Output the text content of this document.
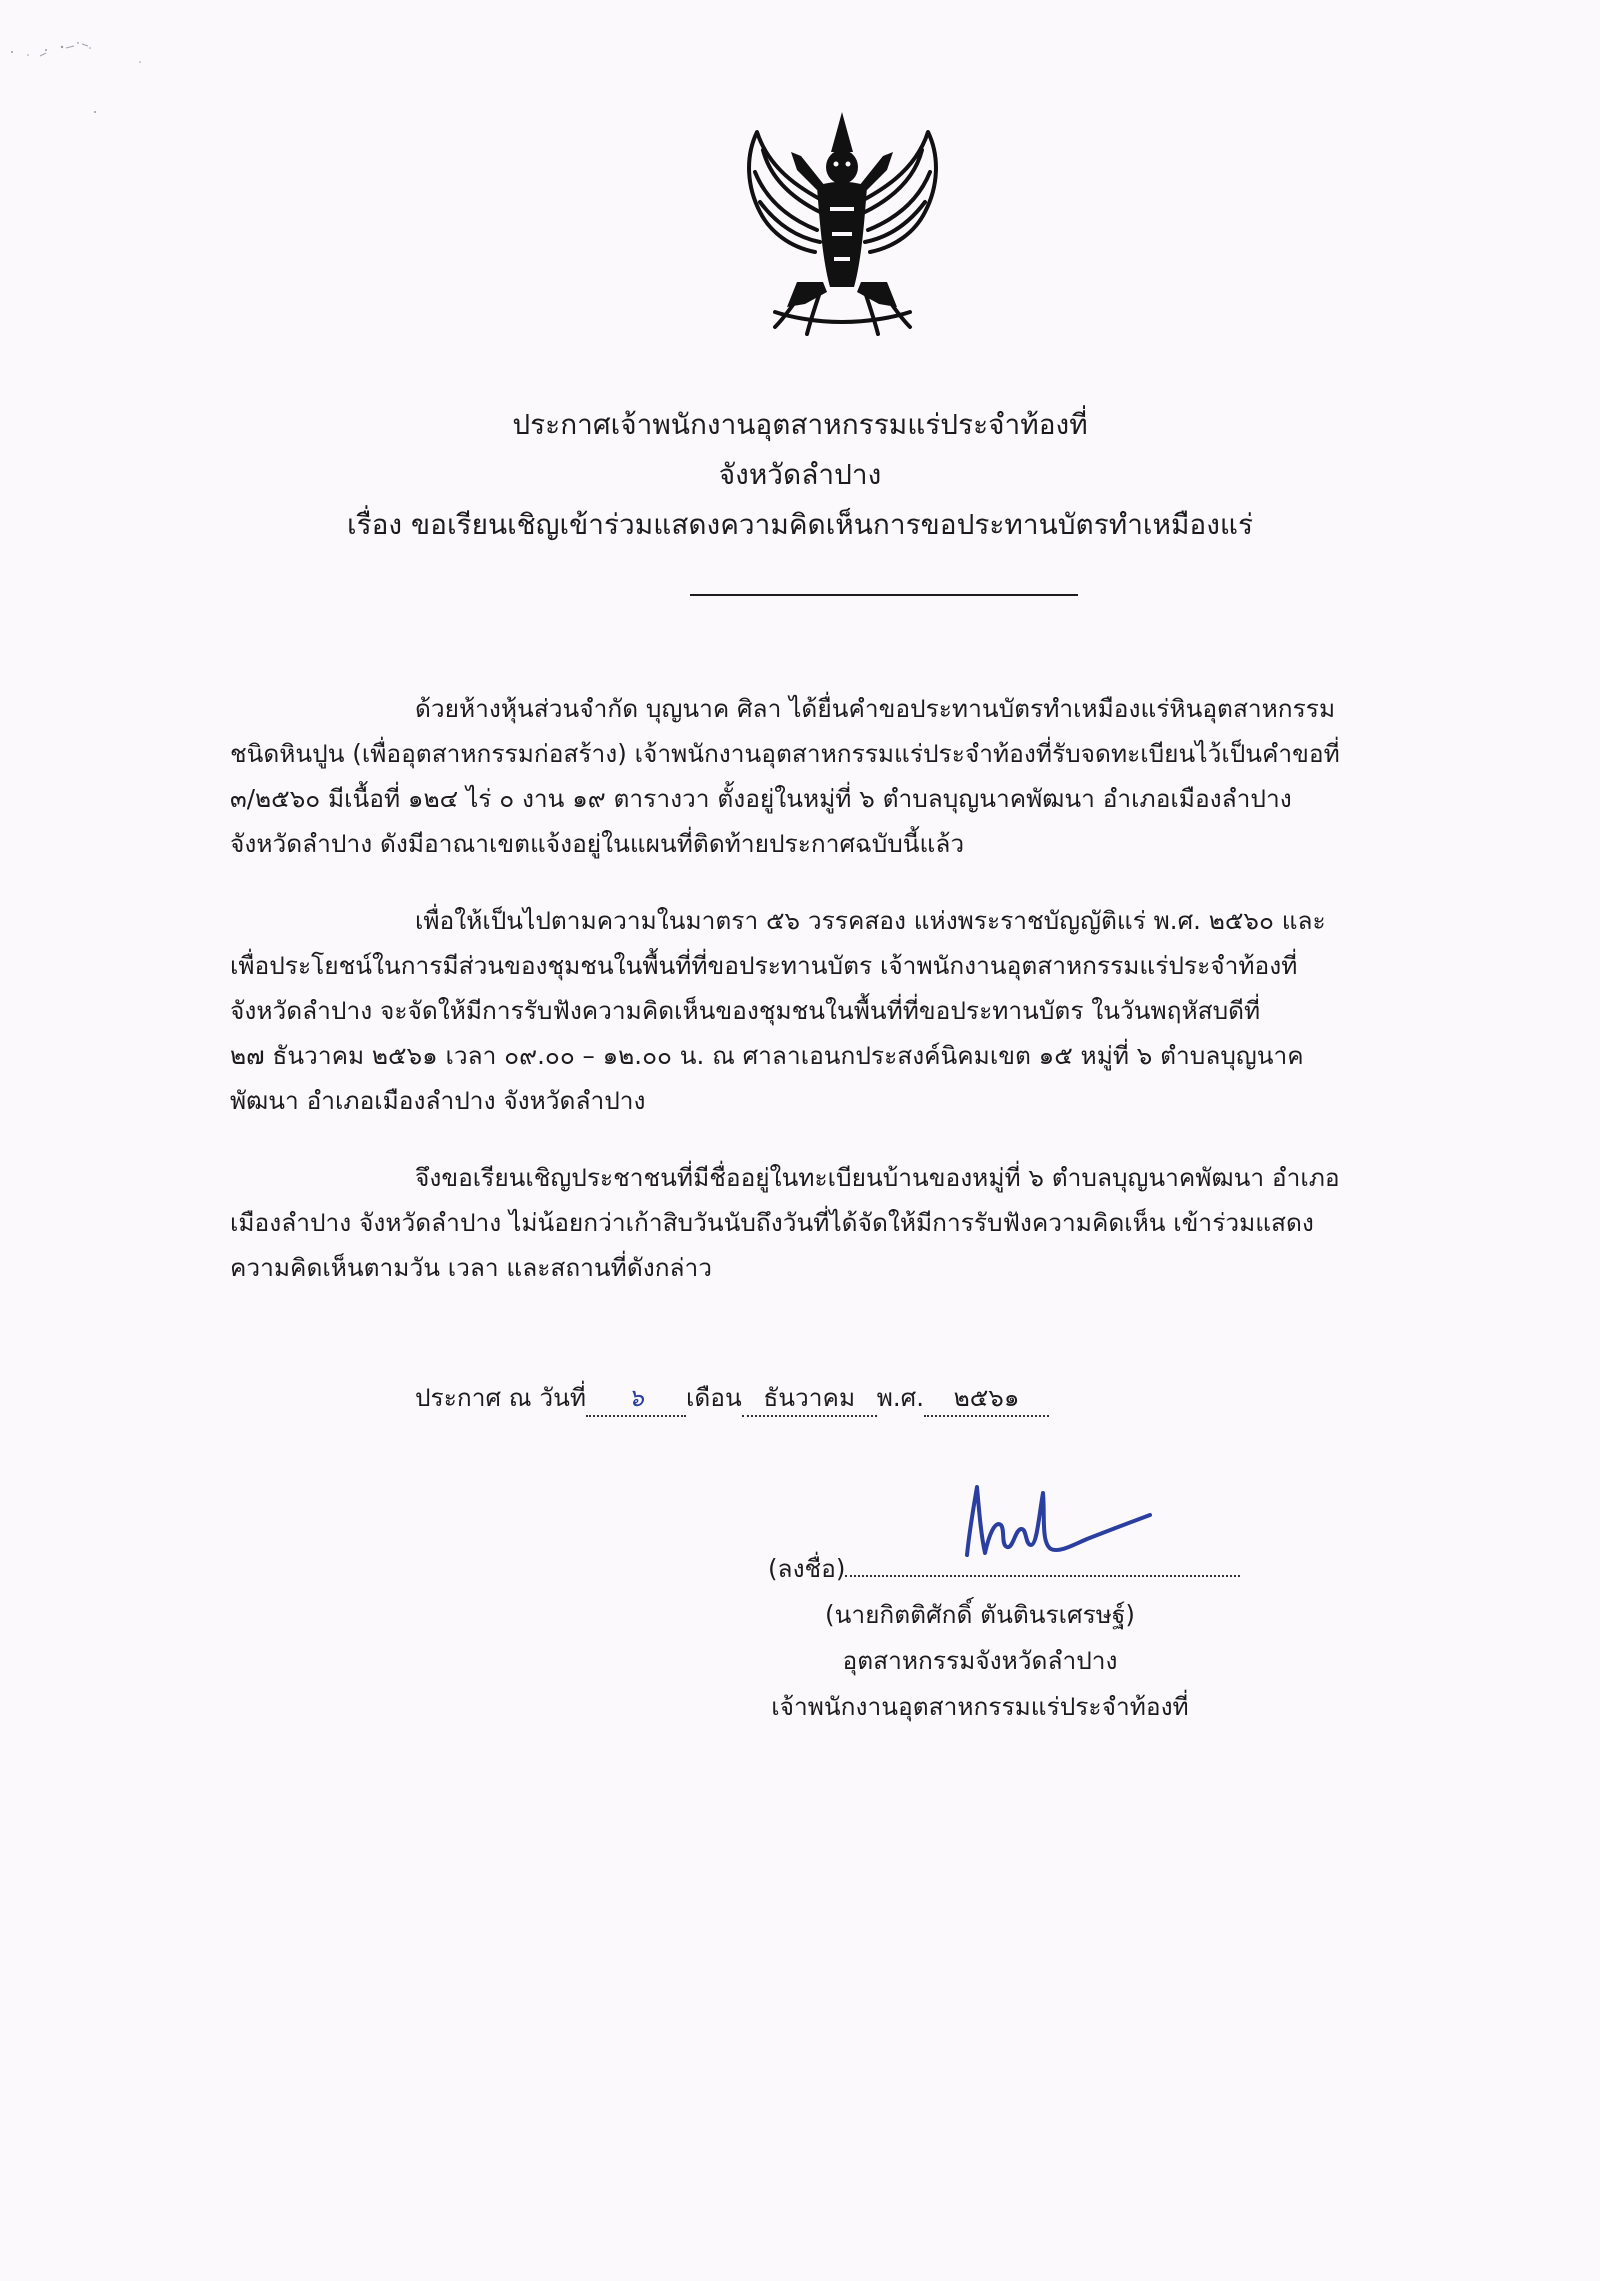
ประกาศเจ้าพนักงานอุตสาหกรรมแร่ประจำท้องที่
จังหวัดลำปาง
เรื่อง ขอเรียนเชิญเข้าร่วมแสดงความคิดเห็นการขอประทานบัตรทำเหมืองแร่

ด้วยห้างหุ้นส่วนจำกัด บุญนาค ศิลา ได้ยื่นคำขอประทานบัตรทำเหมืองแร่หินอุตสาหกรรม
ชนิดหินปูน (เพื่ออุตสาหกรรมก่อสร้าง) เจ้าพนักงานอุตสาหกรรมแร่ประจำท้องที่รับจดทะเบียนไว้เป็นคำขอที่
๓/๒๕๖๐ มีเนื้อที่ ๑๒๔ ไร่ ๐ งาน ๑๙ ตารางวา ตั้งอยู่ในหมู่ที่ ๖ ตำบลบุญนาคพัฒนา อำเภอเมืองลำปาง
จังหวัดลำปาง ดังมีอาณาเขตแจ้งอยู่ในแผนที่ติดท้ายประกาศฉบับนี้แล้ว

เพื่อให้เป็นไปตามความในมาตรา ๕๖ วรรคสอง แห่งพระราชบัญญัติแร่ พ.ศ. ๒๕๖๐ และ
เพื่อประโยชน์ในการมีส่วนของชุมชนในพื้นที่ที่ขอประทานบัตร เจ้าพนักงานอุตสาหกรรมแร่ประจำท้องที่
จังหวัดลำปาง จะจัดให้มีการรับฟังความคิดเห็นของชุมชนในพื้นที่ที่ขอประทานบัตร ในวันพฤหัสบดีที่
๒๗ ธันวาคม ๒๕๖๑ เวลา ๐๙.๐๐ – ๑๒.๐๐ น. ณ ศาลาเอนกประสงค์นิคมเขต ๑๕ หมู่ที่ ๖ ตำบลบุญนาค
พัฒนา อำเภอเมืองลำปาง จังหวัดลำปาง

จึงขอเรียนเชิญประชาชนที่มีชื่ออยู่ในทะเบียนบ้านของหมู่ที่ ๖ ตำบลบุญนาคพัฒนา อำเภอ
เมืองลำปาง จังหวัดลำปาง ไม่น้อยกว่าเก้าสิบวันนับถึงวันที่ได้จัดให้มีการรับฟังความคิดเห็น เข้าร่วมแสดง
ความคิดเห็นตามวัน เวลา และสถานที่ดังกล่าว

ประกาศ ณ วันที่ ๖ เดือน ธันวาคม พ.ศ. ๒๕๖๑
(ลงชื่อ)
(นายกิตติศักดิ์ ตันตินรเศรษฐ์)
อุตสาหกรรมจังหวัดลำปาง
เจ้าพนักงานอุตสาหกรรมแร่ประจำท้องที่
